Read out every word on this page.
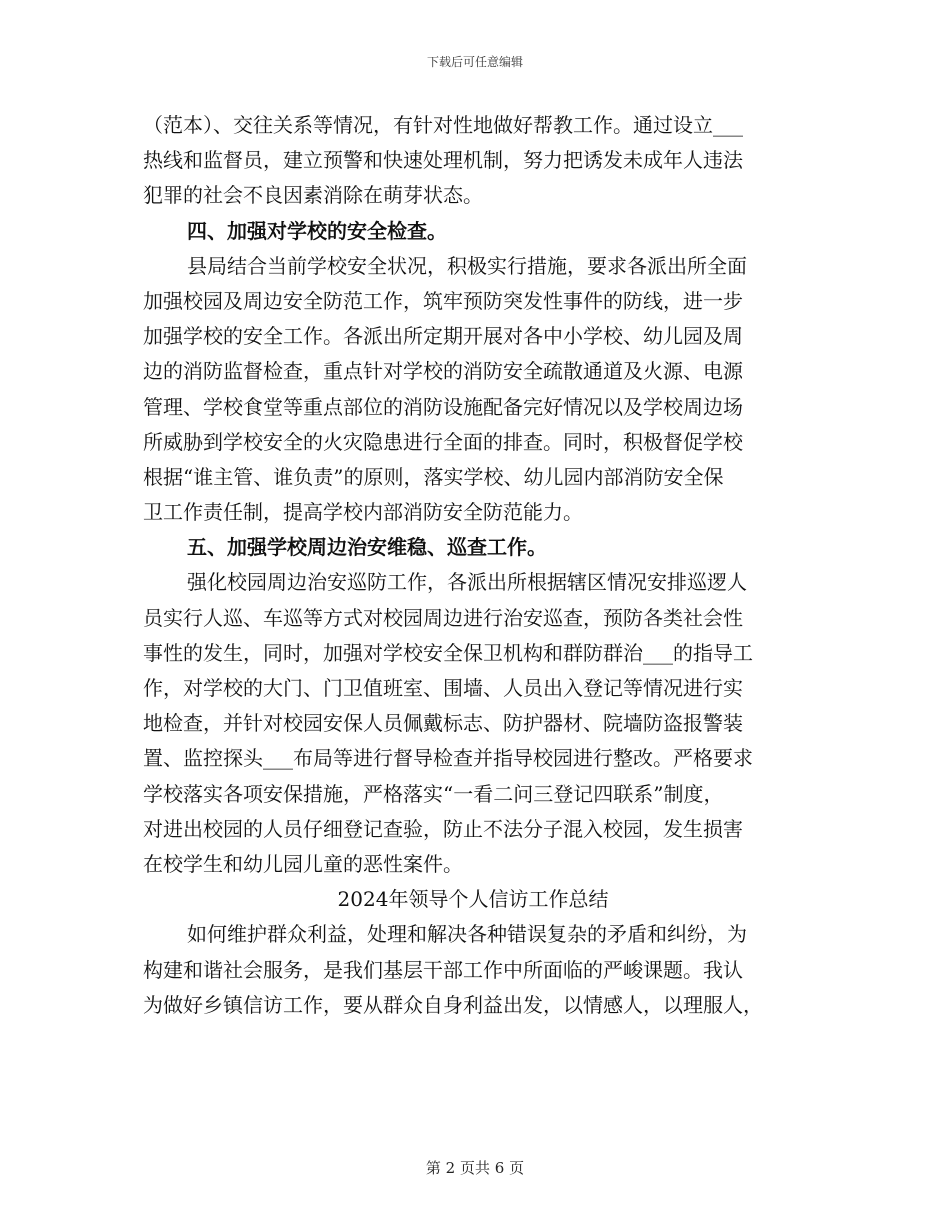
下载后可任意编辑
（范本）、交往关系等情况，有针对性地做好帮教工作。通过设立___
热线和监督员，建立预警和快速处理机制，努力把诱发未成年人违法
犯罪的社会不良因素消除在萌芽状态。
四、加强对学校的安全检查。
县局结合当前学校安全状况，积极实行措施，要求各派出所全面
加强校园及周边安全防范工作，筑牢预防突发性事件的防线，进一步
加强学校的安全工作。各派出所定期开展对各中小学校、幼儿园及周
边的消防监督检查，重点针对学校的消防安全疏散通道及火源、电源
管理、学校食堂等重点部位的消防设施配备完好情况以及学校周边场
所威胁到学校安全的火灾隐患进行全面的排查。同时，积极督促学校
根据“谁主管、谁负责”的原则，落实学校、幼儿园内部消防安全保
卫工作责任制，提高学校内部消防安全防范能力。
五、加强学校周边治安维稳、巡查工作。
强化校园周边治安巡防工作，各派出所根据辖区情况安排巡逻人
员实行人巡、车巡等方式对校园周边进行治安巡查，预防各类社会性
事性的发生，同时，加强对学校安全保卫机构和群防群治___的指导工
作，对学校的大门、门卫值班室、围墙、人员出入登记等情况进行实
地检查，并针对校园安保人员佩戴标志、防护器材、院墙防盗报警装
置、监控探头___布局等进行督导检查并指导校园进行整改。严格要求
学校落实各项安保措施，严格落实“一看二问三登记四联系”制度，
对进出校园的人员仔细登记查验，防止不法分子混入校园，发生损害
在校学生和幼儿园儿童的恶性案件。
2024年领导个人信访工作总结
如何维护群众利益，处理和解决各种错误复杂的矛盾和纠纷，为
构建和谐社会服务，是我们基层干部工作中所面临的严峻课题。我认
为做好乡镇信访工作，要从群众自身利益出发，以情感人，以理服人，
第 2 页共 6 页
